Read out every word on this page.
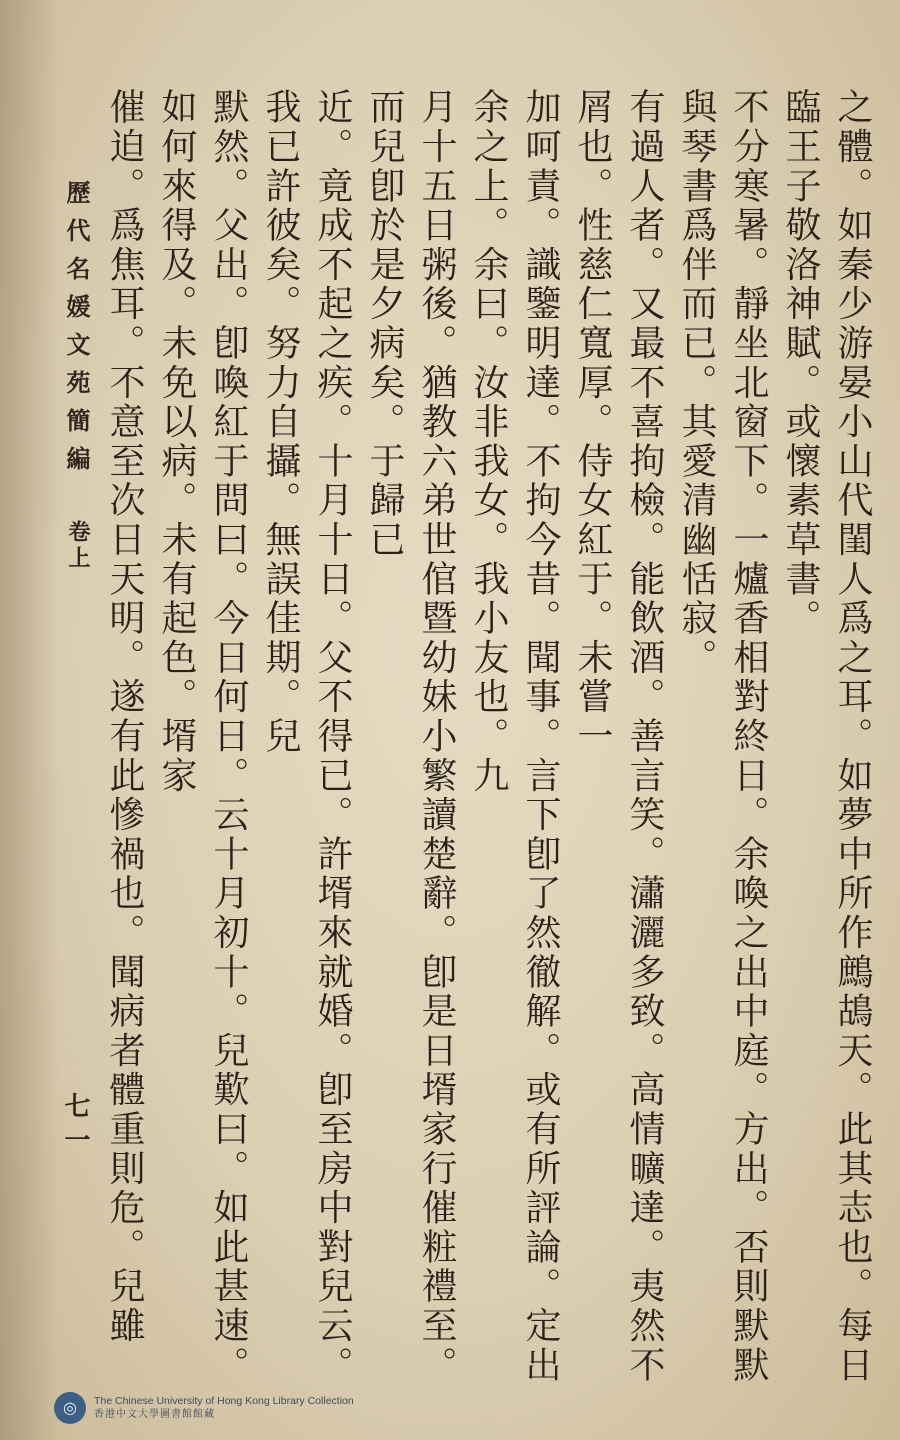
之體。如秦少游晏小山代閨人爲之耳。如夢中所作鷓鴣天。此其志也。每日臨王子敬洛神賦。或懷素草書。
不分寒暑。靜坐北窗下。一爐香相對終日。余喚之出中庭。方出。否則默默與琴書爲伴而已。其愛清幽恬寂。
有過人者。又最不喜拘檢。能飲酒。善言笑。瀟灑多致。高情曠達。夷然不屑也。性慈仁寬厚。侍女紅于。未嘗一
加呵責。識鑒明達。不拘今昔。聞事。言下卽了然徹解。或有所評論。定出余之上。余曰。汝非我女。我小友也。九
月十五日粥後。猶教六弟世倌暨幼妹小繁讀楚辭。卽是日壻家行催粧禮至。而兒卽於是夕病矣。于歸已
近。竟成不起之疾。十月十日。父不得已。許壻來就婚。卽至房中對兒云。我已許彼矣。努力自攝。無誤佳期。兒
默然。父出。卽喚紅于問曰。今日何日。云十月初十。兒歎曰。如此甚速。如何來得及。未免以病。未有起色。壻家
催迫。爲焦耳。不意至次日天明。遂有此慘禍也。聞病者體重則危。兒雖

歷代名媛文苑簡編
卷上
七一
◎	The Chinese University of Hong Kong Library Collection
香港中文大學圖書館館藏
